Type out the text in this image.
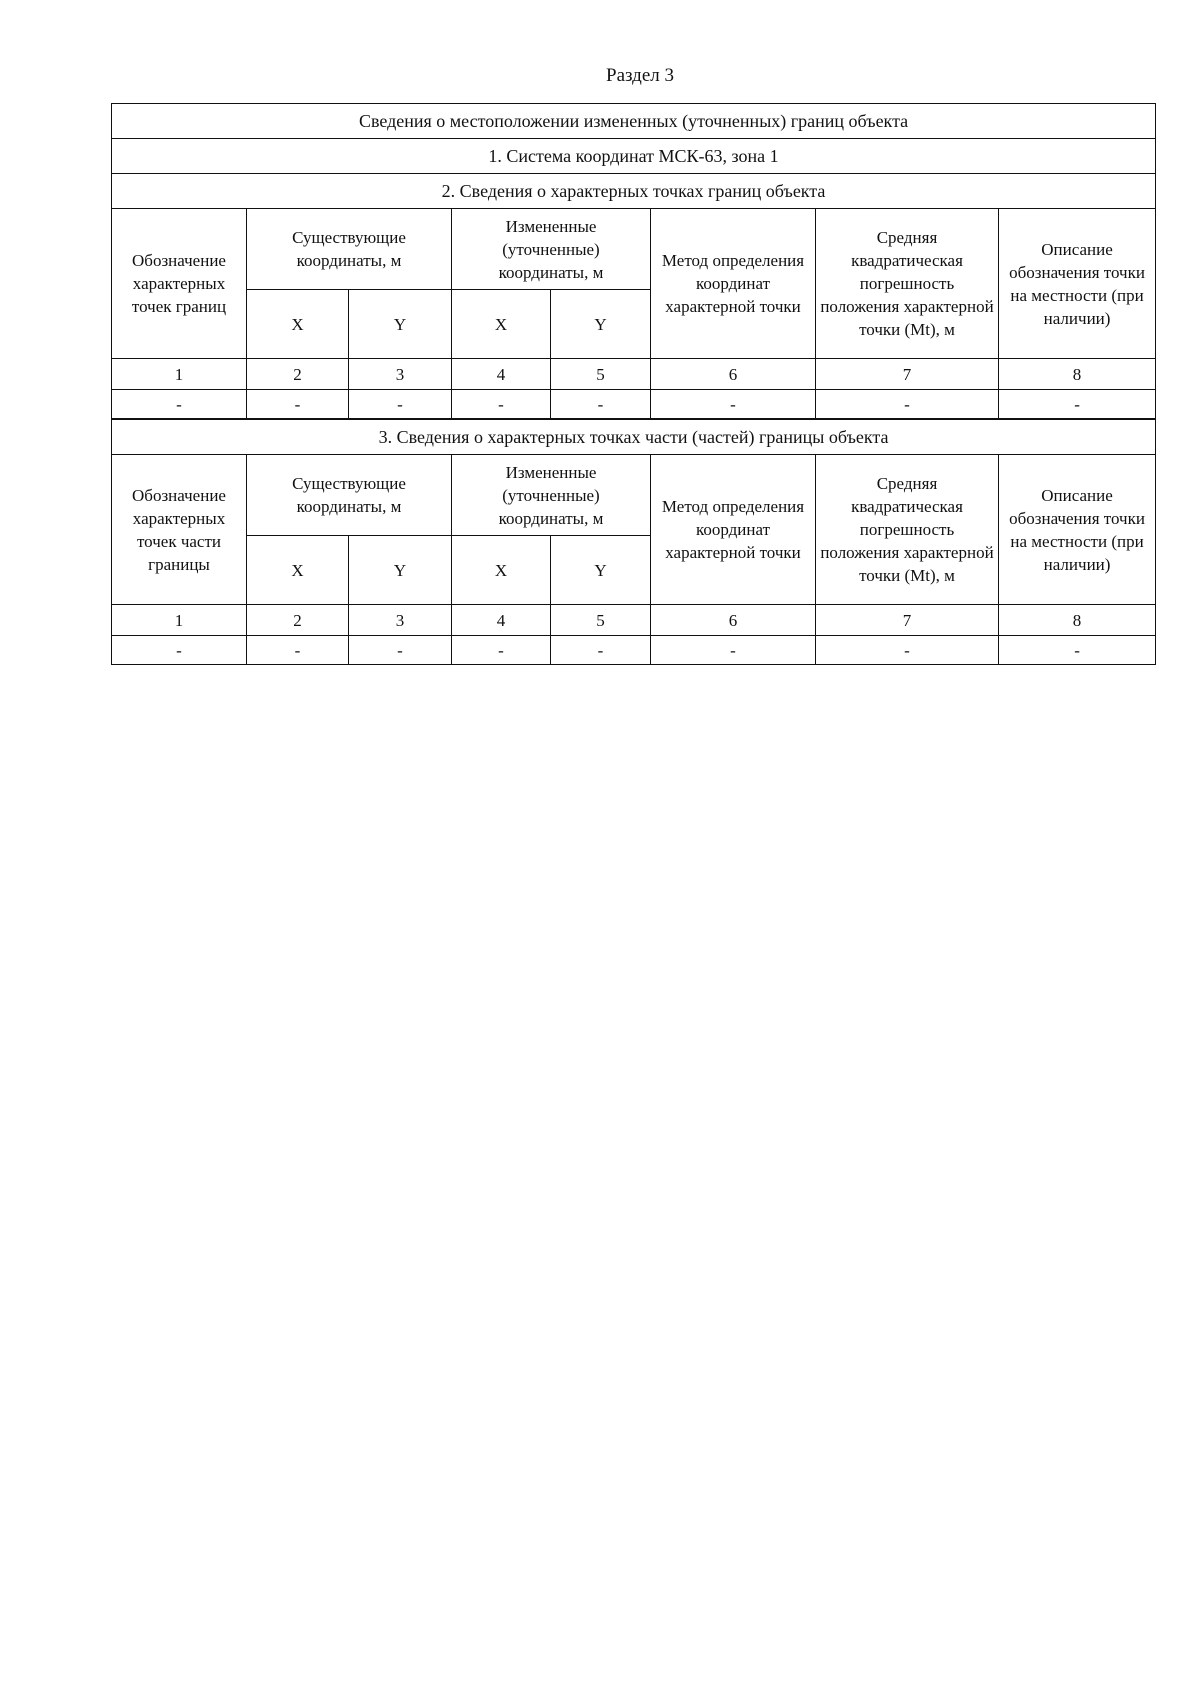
Раздел 3
Сведения о местоположении измененных (уточненных) границ объекта							
1. Система координат МСК-63, зона 1							
2. Сведения о характерных точках границ объекта							
Обозначение характерных точек границ	Существующие координаты, м		Измененные (уточненные) координаты, м		Метод определения координат характерной точки	Средняя квадратическая погрешность положения характерной точки (Mt), м	Описание обозначения точки на местности (при наличии)
	X	Y	X	Y			
1	2	3	4	5	6	7	8
-	-	-	-	-	-	-	-
3. Сведения о характерных точках части (частей) границы объекта							
Обозначение характерных точек части границы	Существующие координаты, м		Измененные (уточненные) координаты, м		Метод определения координат характерной точки	Средняя квадратическая погрешность положения характерной точки (Mt), м	Описание обозначения точки на местности (при наличии)
	X	Y	X	Y			
1	2	3	4	5	6	7	8
-	-	-	-	-	-	-	-
